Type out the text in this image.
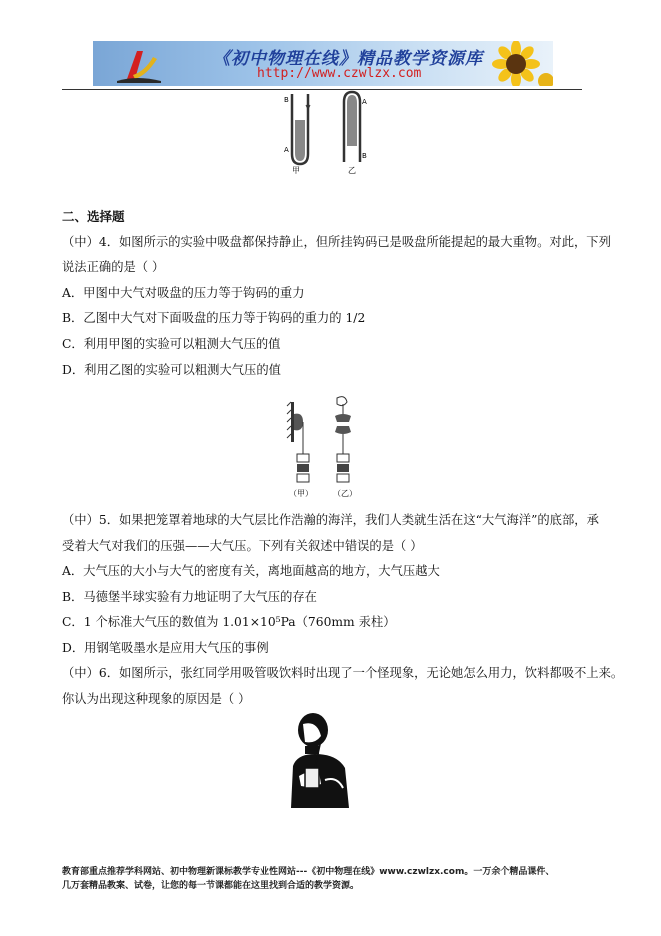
《初中物理在线》精品教学资源库
http://www.czwlzx.com
B
A
甲
A
B
乙
二、选择题
（中）4．如图所示的实验中吸盘都保持静止，但所挂钩码已是吸盘所能提起的最大重物。对此，下列
说法正确的是（ ）
A．甲图中大气对吸盘的压力等于钩码的重力
B．乙图中大气对下面吸盘的压力等于钩码的重力的 1/2
C．利用甲图的实验可以粗测大气压的值
D．利用乙图的实验可以粗测大气压的值
（甲）	（乙）
（中）5．如果把笼罩着地球的大气层比作浩瀚的海洋，我们人类就生活在这“大气海洋”的底部，承
受着大气对我们的压强——大气压。下列有关叙述中错误的是（ ）
A．大气压的大小与大气的密度有关，离地面越高的地方，大气压越大
B．马德堡半球实验有力地证明了大气压的存在
C．1 个标准大气压的数值为 1.01×10⁵Pa（760mm 汞柱）
D．用钢笔吸墨水是应用大气压的事例
（中）6．如图所示，张红同学用吸管吸饮料时出现了一个怪现象，无论她怎么用力，饮料都吸不上来。
你认为出现这种现象的原因是（ ）
教育部重点推荐学科网站、初中物理新课标教学专业性网站---《初中物理在线》www.czwlzx.com。一万余个精品课件、
几万套精品教案、试卷，让您的每一节课都能在这里找到合适的教学资源。
